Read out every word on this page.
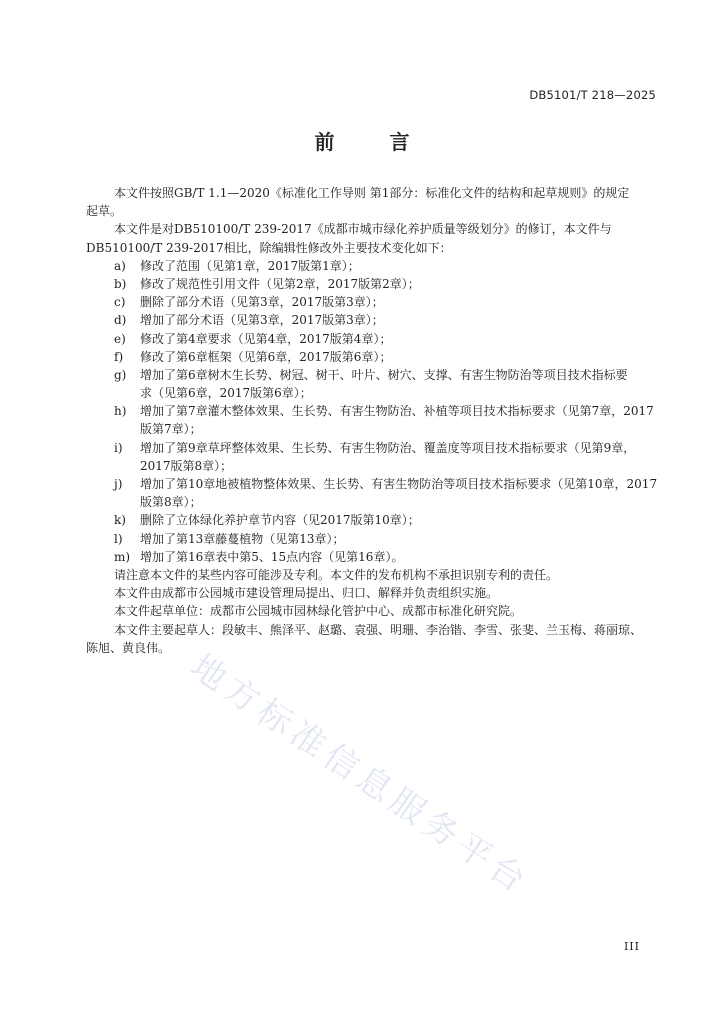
DB5101/T 218—2025
前 言
本文件按照GB/T 1.1—2020《标准化工作导则 第1部分：标准化文件的结构和起草规则》的规定
起草。
本文件是对DB510100/T 239-2017《成都市城市绿化养护质量等级划分》的修订，本文件与
DB510100/T 239-2017相比，除编辑性修改外主要技术变化如下：
a)	修改了范围（见第1章，2017版第1章）；
b)	修改了规范性引用文件（见第2章，2017版第2章）；
c)	删除了部分术语（见第3章，2017版第3章）；
d)	增加了部分术语（见第3章，2017版第3章）；
e)	修改了第4章要求（见第4章，2017版第4章）；
f)	修改了第6章框架（见第6章，2017版第6章）；
g)	增加了第6章树木生长势、树冠、树干、叶片、树穴、支撑、有害生物防治等项目技术指标要
求（见第6章，2017版第6章）；
h)	增加了第7章灌木整体效果、生长势、有害生物防治、补植等项目技术指标要求（见第7章，2017
版第7章）；
i)	增加了第9章草坪整体效果、生长势、有害生物防治、覆盖度等项目技术指标要求（见第9章，
2017版第8章）；
j)	增加了第10章地被植物整体效果、生长势、有害生物防治等项目技术指标要求（见第10章，2017
版第8章）；
k)	删除了立体绿化养护章节内容（见2017版第10章）；
l)	增加了第13章藤蔓植物（见第13章）；
m) 增加了第16章表中第5、15点内容（见第16章）。
请注意本文件的某些内容可能涉及专利。本文件的发布机构不承担识别专利的责任。
本文件由成都市公园城市建设管理局提出、归口、解释并负责组织实施。
本文件起草单位：成都市公园城市园林绿化管护中心、成都市标准化研究院。
本文件主要起草人：段敏丰、熊泽平、赵璐、袁强、明珊、李治锴、李雪、张斐、兰玉梅、蒋丽琼、
陈旭、黄良伟。 地方标准信息服务平台
III
